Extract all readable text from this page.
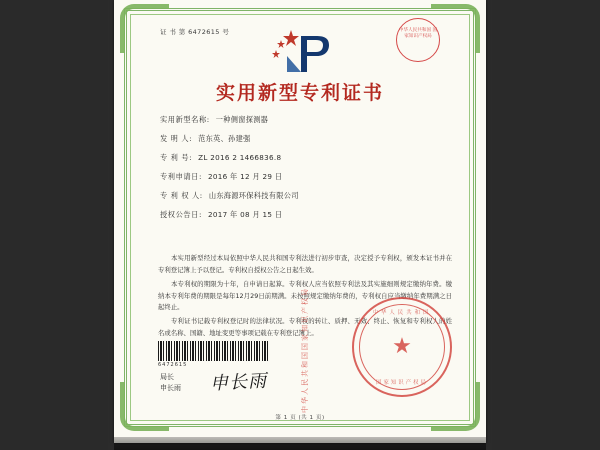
证 书 第 6472615 号	中华人民共和国 国家知识产权局
实用新型专利证书
实用新型名称: 一种侧窗探测器
发 明 人: 范东英、孙建强
专 利 号: ZL 2016 2 1466836.8
专利申请日: 2016 年 12 月 29 日
专 利 权 人: 山东海源环保科技有限公司
授权公告日: 2017 年 08 月 15 日

本实用新型经过本局依照中华人民共和国专利法进行初步审查，决定授予专利权，颁发本证书并在专利登记簿上予以登记。专利权自授权公告之日起生效。

本专利权的期限为十年，自申请日起算。专利权人应当依照专利法及其实施细则规定缴纳年费。缴纳本专利年费的期限是每年12月29日前期满。未按照规定缴纳年费的，专利权自应当缴纳年费期满之日起终止。

专利证书记载专利权登记时的法律状况。专利权的转让、质押、无效、终止、恢复和专利权人的姓名或名称、国籍、地址变更等事项记载在专利登记簿上。

6472615
局长
申长雨 申长雨	中华人民共和国国家知识产权局	中华人民共和国
★
国家知识产权局
第 1 页 (共 1 页)
